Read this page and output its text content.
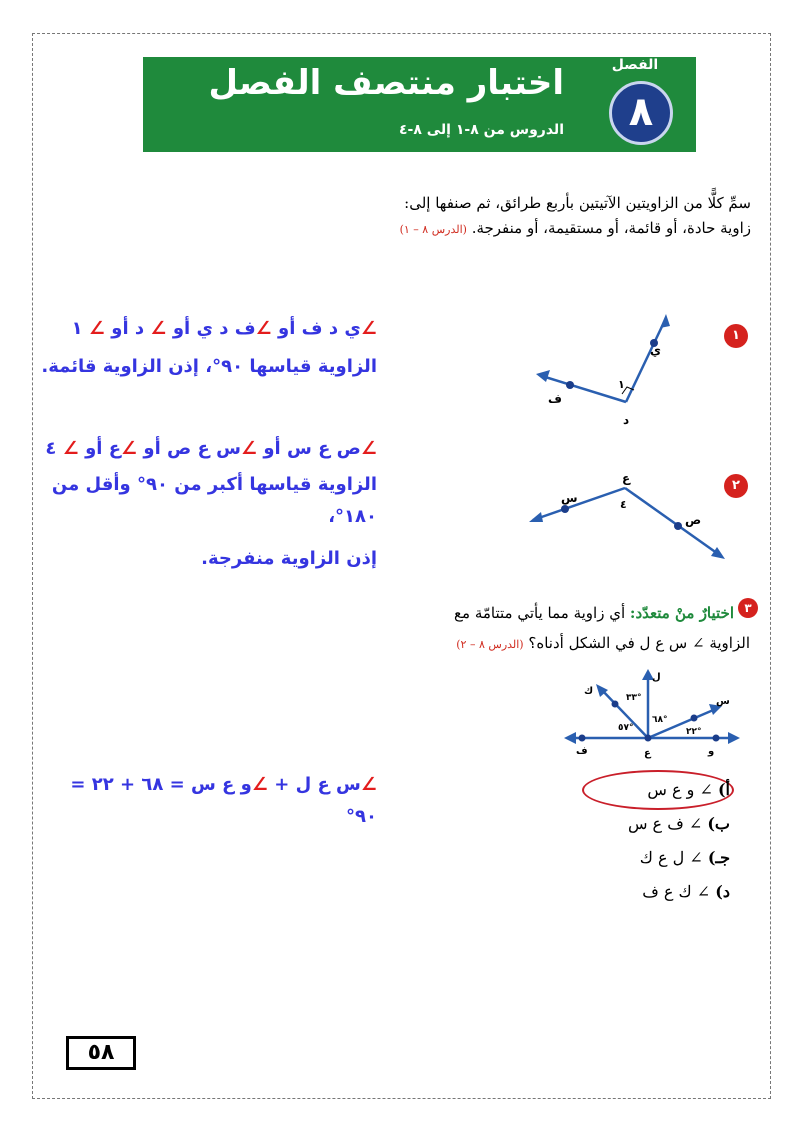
اختبار منتصف الفصل
الدروس من ٨-١ إلى ٨-٤
الفصل
٨
سمِّ كلًّا من الزاويتين الآتيتين بأربع طرائق، ثم صنفها إلى: زاوية حادة، أو قائمة، أو مستقيمة، أو منفرجة. (الدرس ٨ – ١)
١
ي
ف
د
١
∠ي د ف أو ∠ف د ي أو ∠ د أو ∠ ١
الزاوية قياسها ٩٠°، إذن الزاوية قائمة.
٢
ع
٤
س
ص
∠ص ع س أو ∠س ع ص أو ∠ع أو ∠ ٤
الزاوية قياسها أكبر من ٩٠° وأقل من
١٨٠°،
إذن الزاوية منفرجة.
٣
اختيارٌ منْ متعدّد: أي زاوية مما يأتي متتامّة مع
الزاوية ∠ س ع ل في الشكل أدناه؟ (الدرس ٨ – ٢)
ل
ك
س
ف	ع	و
٣٣°
٦٨°
٥٧°	٢٢°
أ) ∠ و ع س
ب) ∠ ف ع س
جـ) ∠ ل ع ك
د) ∠ ك ع ف
∠س ع ل + ∠و ع س = ٦٨ + ٢٢ =
٩٠°
٥٨
